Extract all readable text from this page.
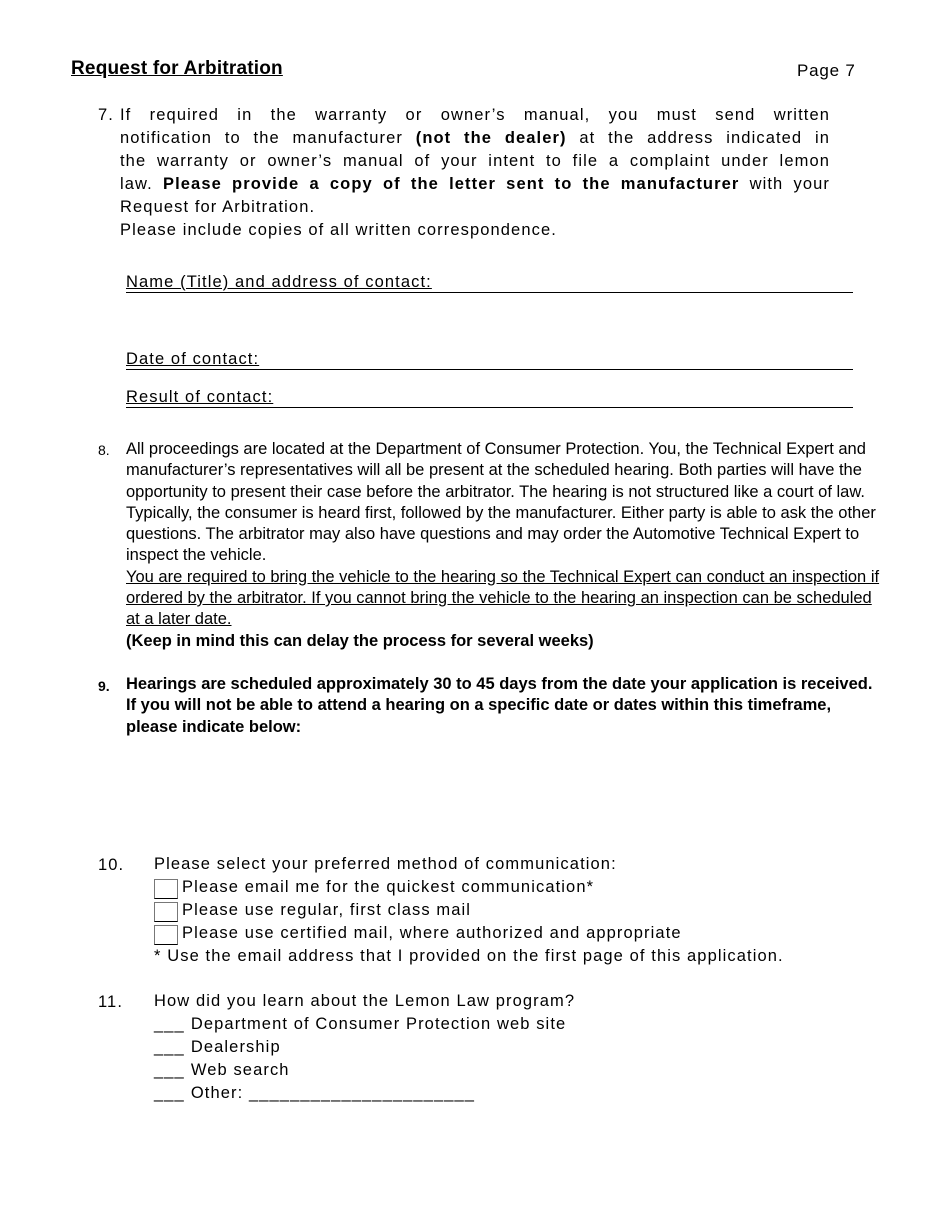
Request for Arbitration	Page 7
7. If required in the warranty or owner’s manual, you must send written
notification to the manufacturer (not the dealer) at the address indicated in
the warranty or owner’s manual of your intent to file a complaint under lemon
law. Please provide a copy of the letter sent to the manufacturer with your
Request for Arbitration.
Please include copies of all written correspondence.
Name (Title) and address of contact:
Date of contact:
Result of contact:
8. All proceedings are located at the Department of Consumer Protection. You, the Technical Expert and manufacturer’s representatives will all be present at the scheduled hearing. Both parties will have the opportunity to present their case before the arbitrator. The hearing is not structured like a court of law. Typically, the consumer is heard first, followed by the manufacturer. Either party is able to ask the other questions. The arbitrator may also have questions and may order the Automotive Technical Expert to inspect the vehicle.
You are required to bring the vehicle to the hearing so the Technical Expert can conduct an inspection if ordered by the arbitrator. If you cannot bring the vehicle to the hearing an inspection can be scheduled at a later date.
(Keep in mind this can delay the process for several weeks)
9. Hearings are scheduled approximately 30 to 45 days from the date your application is received. If you will not be able to attend a hearing on a specific date or dates within this timeframe, please indicate below:
10. Please select your preferred method of communication:
Please email me for the quickest communication*
Please use regular, first class mail
Please use certified mail, where authorized and appropriate
* Use the email address that I provided on the first page of this application.
11. How did you learn about the Lemon Law program?
___ Department of Consumer Protection web site
___ Dealership
___ Web search
___ Other: ______________________
